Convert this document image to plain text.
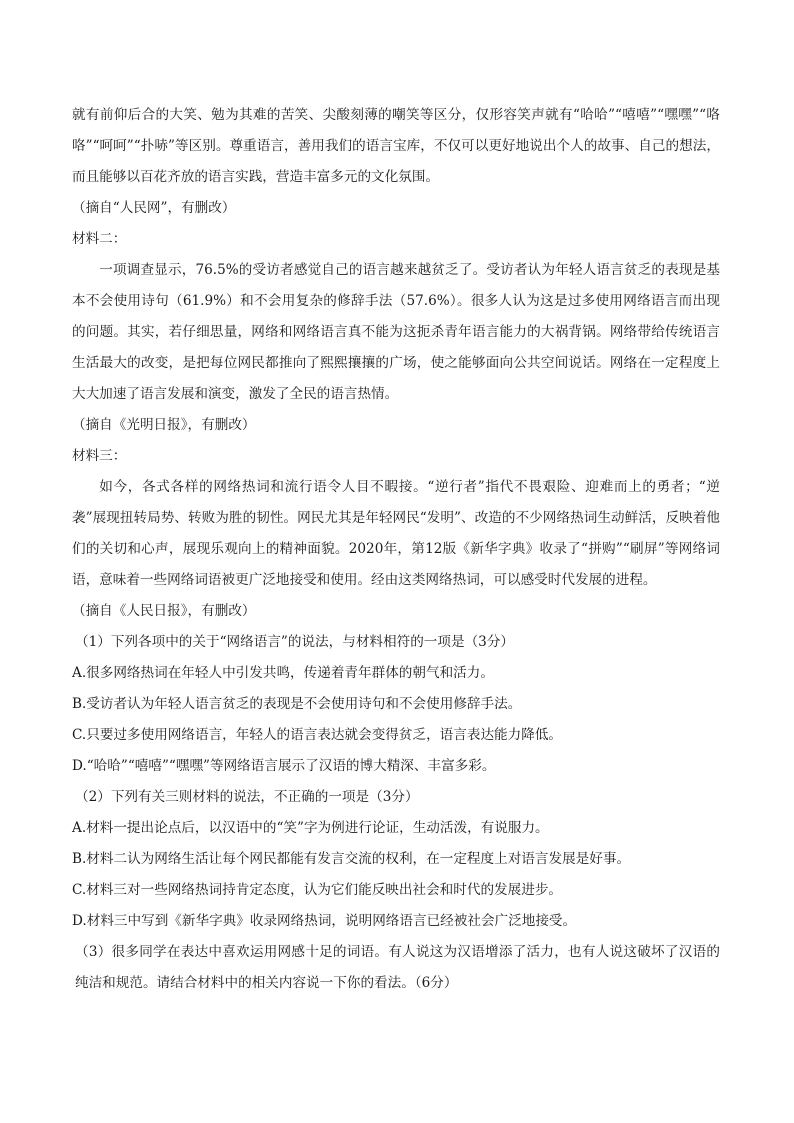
就有前仰后合的大笑、勉为其难的苦笑、尖酸刻薄的嘲笑等区分，仅形容笑声就有“哈哈”“嘻嘻”“嘿嘿”“咯咯”“呵呵”“扑哧”等区别。尊重语言，善用我们的语言宝库，不仅可以更好地说出个人的故事、自己的想法，而且能够以百花齐放的语言实践，营造丰富多元的文化氛围。

（摘自“人民网”，有删改）

材料二：

一项调查显示，76.5%的受访者感觉自己的语言越来越贫乏了。受访者认为年轻人语言贫乏的表现是基本不会使用诗句（61.9%）和不会用复杂的修辞手法（57.6%）。很多人认为这是过多使用网络语言而出现的问题。其实，若仔细思量，网络和网络语言真不能为这扼杀青年语言能力的大祸背锅。网络带给传统语言生活最大的改变，是把每位网民都推向了熙熙攘攘的广场，使之能够面向公共空间说话。网络在一定程度上大大加速了语言发展和演变，激发了全民的语言热情。

（摘自《光明日报》，有删改）

材料三：

如今，各式各样的网络热词和流行语令人目不暇接。“逆行者”指代不畏艰险、迎难而上的勇者；“逆袭”展现扭转局势、转败为胜的韧性。网民尤其是年轻网民“发明”、改造的不少网络热词生动鲜活，反映着他们的关切和心声，展现乐观向上的精神面貌。2020年，第12版《新华字典》收录了“拼购”“刷屏”等网络词语，意味着一些网络词语被更广泛地接受和使用。经由这类网络热词，可以感受时代发展的进程。

（摘自《人民日报》，有删改）

（1）下列各项中的关于“网络语言”的说法，与材料相符的一项是（3分）

A.很多网络热词在年轻人中引发共鸣，传递着青年群体的朝气和活力。

B.受访者认为年轻人语言贫乏的表现是不会使用诗句和不会使用修辞手法。

C.只要过多使用网络语言，年轻人的语言表达就会变得贫乏，语言表达能力降低。

D.“哈哈”“嘻嘻”“嘿嘿”等网络语言展示了汉语的博大精深、丰富多彩。

（2）下列有关三则材料的说法，不正确的一项是（3分）

A.材料一提出论点后，以汉语中的“笑”字为例进行论证，生动活泼，有说服力。

B.材料二认为网络生活让每个网民都能有发言交流的权利，在一定程度上对语言发展是好事。

C.材料三对一些网络热词持肯定态度，认为它们能反映出社会和时代的发展进步。

D.材料三中写到《新华字典》收录网络热词，说明网络语言已经被社会广泛地接受。

（3）很多同学在表达中喜欢运用网感十足的词语。有人说这为汉语增添了活力，也有人说这破坏了汉语的纯洁和规范。请结合材料中的相关内容说一下你的看法。（6分）
